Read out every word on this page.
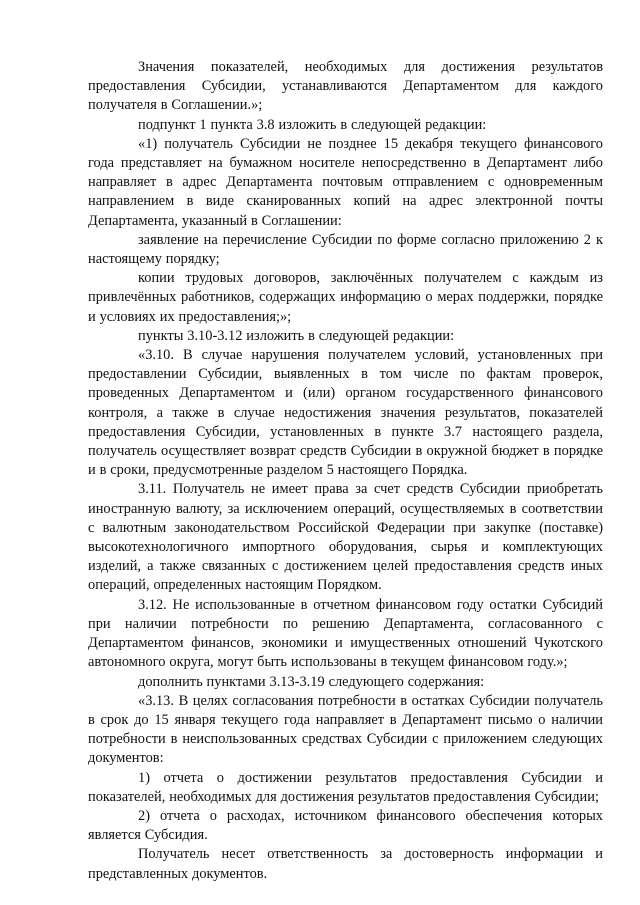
Значения показателей, необходимых для достижения результатов предоставления Субсидии, устанавливаются Департаментом для каждого получателя в Соглашении.»;

подпункт 1 пункта 3.8 изложить в следующей редакции:

«1) получатель Субсидии не позднее 15 декабря текущего финансового года представляет на бумажном носителе непосредственно в Департамент либо направляет в адрес Департамента почтовым отправлением с одновременным направлением в виде сканированных копий на адрес электронной почты Департамента, указанный в Соглашении:

заявление на перечисление Субсидии по форме согласно приложению 2 к настоящему порядку;

копии трудовых договоров, заключённых получателем с каждым из привлечённых работников, содержащих информацию о мерах поддержки, порядке и условиях их предоставления;»;

пункты 3.10-3.12 изложить в следующей редакции:

«3.10. В случае нарушения получателем условий, установленных при предоставлении Субсидии, выявленных в том числе по фактам проверок, проведенных Департаментом и (или) органом государственного финансового контроля, а также в случае недостижения значения результатов, показателей предоставления Субсидии, установленных в пункте 3.7 настоящего раздела, получатель осуществляет возврат средств Субсидии в окружной бюджет в порядке и в сроки, предусмотренные разделом 5 настоящего Порядка.

3.11. Получатель не имеет права за счет средств Субсидии приобретать иностранную валюту, за исключением операций, осуществляемых в соответствии с валютным законодательством Российской Федерации при закупке (поставке) высокотехнологичного импортного оборудования, сырья и комплектующих изделий, а также связанных с достижением целей предоставления средств иных операций, определенных настоящим Порядком.

3.12. Не использованные в отчетном финансовом году остатки Субсидий при наличии потребности по решению Департамента, согласованного с Департаментом финансов, экономики и имущественных отношений Чукотского автономного округа, могут быть использованы в текущем финансовом году.»;

дополнить пунктами 3.13-3.19 следующего содержания:

«3.13. В целях согласования потребности в остатках Субсидии получатель в срок до 15 января текущего года направляет в Департамент письмо о наличии потребности в неиспользованных средствах Субсидии с приложением следующих документов:

1) отчета о достижении результатов предоставления Субсидии и показателей, необходимых для достижения результатов предоставления Субсидии;

2) отчета о расходах, источником финансового обеспечения которых является Субсидия.

Получатель несет ответственность за достоверность информации и представленных документов.
